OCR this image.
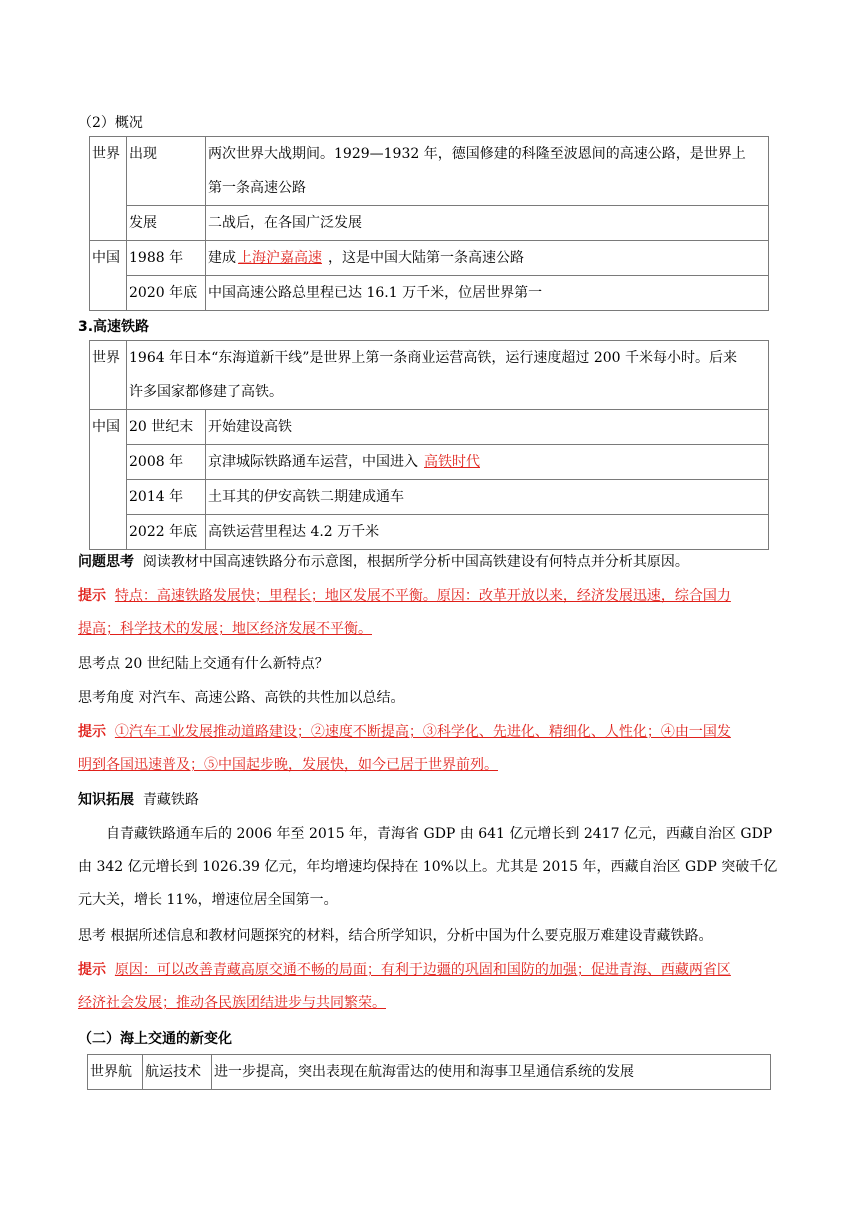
（2）概况
世界	出现	两次世界大战期间。1929—1932 年，德国修建的科隆至波恩间的高速公路，是世界上
第一条高速公路
	发展	二战后，在各国广泛发展
中国	1988 年	建成 上海沪嘉高速 ，这是中国大陆第一条高速公路
	2020 年底	中国高速公路总里程已达 16.1 万千米，位居世界第一
3.高速铁路
世界	1964 年日本“东海道新干线”是世界上第一条商业运营高铁，运行速度超过 200 千米每小时。后来
许多国家都修建了高铁。	
中国	20 世纪末	开始建设高铁
	2008 年	京津城际铁路通车运营，中国进入 高铁时代
	2014 年	土耳其的伊安高铁二期建成通车
	2022 年底	高铁运营里程达 4.2 万千米
问题思考 阅读教材中国高速铁路分布示意图，根据所学分析中国高铁建设有何特点并分析其原因。
提示 特点：高速铁路发展快；里程长；地区发展不平衡。原因：改革开放以来，经济发展迅速，综合国力
提高；科学技术的发展；地区经济发展不平衡。
思考点 20 世纪陆上交通有什么新特点？
思考角度 对汽车、高速公路、高铁的共性加以总结。
提示 ①汽车工业发展推动道路建设；②速度不断提高；③科学化、先进化、精细化、人性化；④由一国发
明到各国迅速普及；⑤中国起步晚，发展快，如今已居于世界前列。
知识拓展 青藏铁路
自青藏铁路通车后的 2006 年至 2015 年，青海省 GDP 由 641 亿元增长到 2417 亿元，西藏自治区 GDP
由 342 亿元增长到 1026.39 亿元，年均增速均保持在 10%以上。尤其是 2015 年，西藏自治区 GDP 突破千亿
元大关，增长 11%，增速位居全国第一。
思考 根据所述信息和教材问题探究的材料，结合所学知识，分析中国为什么要克服万难建设青藏铁路。
提示 原因：可以改善青藏高原交通不畅的局面；有利于边疆的巩固和国防的加强；促进青海、西藏两省区
经济社会发展；推动各民族团结进步与共同繁荣。
（二）海上交通的新变化
世界航	航运技术	进一步提高，突出表现在航海雷达的使用和海事卫星通信系统的发展
